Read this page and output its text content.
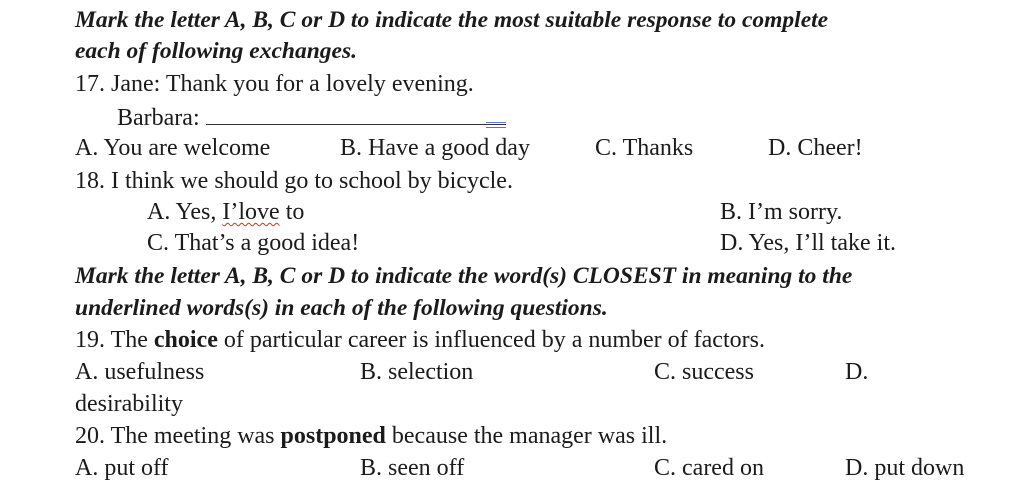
Mark the letter A, B, C or D to indicate the most suitable response to complete
each of following exchanges.
17. Jane: Thank you for a lovely evening.
Barbara:
A. You are welcome	B. Have a good day	C. Thanks	D. Cheer!
18. I think we should go to school by bicycle.
A. Yes, I’love to	B. I’m sorry.
C. That’s a good idea!	D. Yes, I’ll take it.
Mark the letter A, B, C or D to indicate the word(s) CLOSEST in meaning to the
underlined words(s) in each of the following questions.
19. The choice of particular career is influenced by a number of factors.
A. usefulness	B. selection	C. success	D.
desirability
20. The meeting was postponed because the manager was ill.
A. put off	B. seen off	C. cared on	D. put down
